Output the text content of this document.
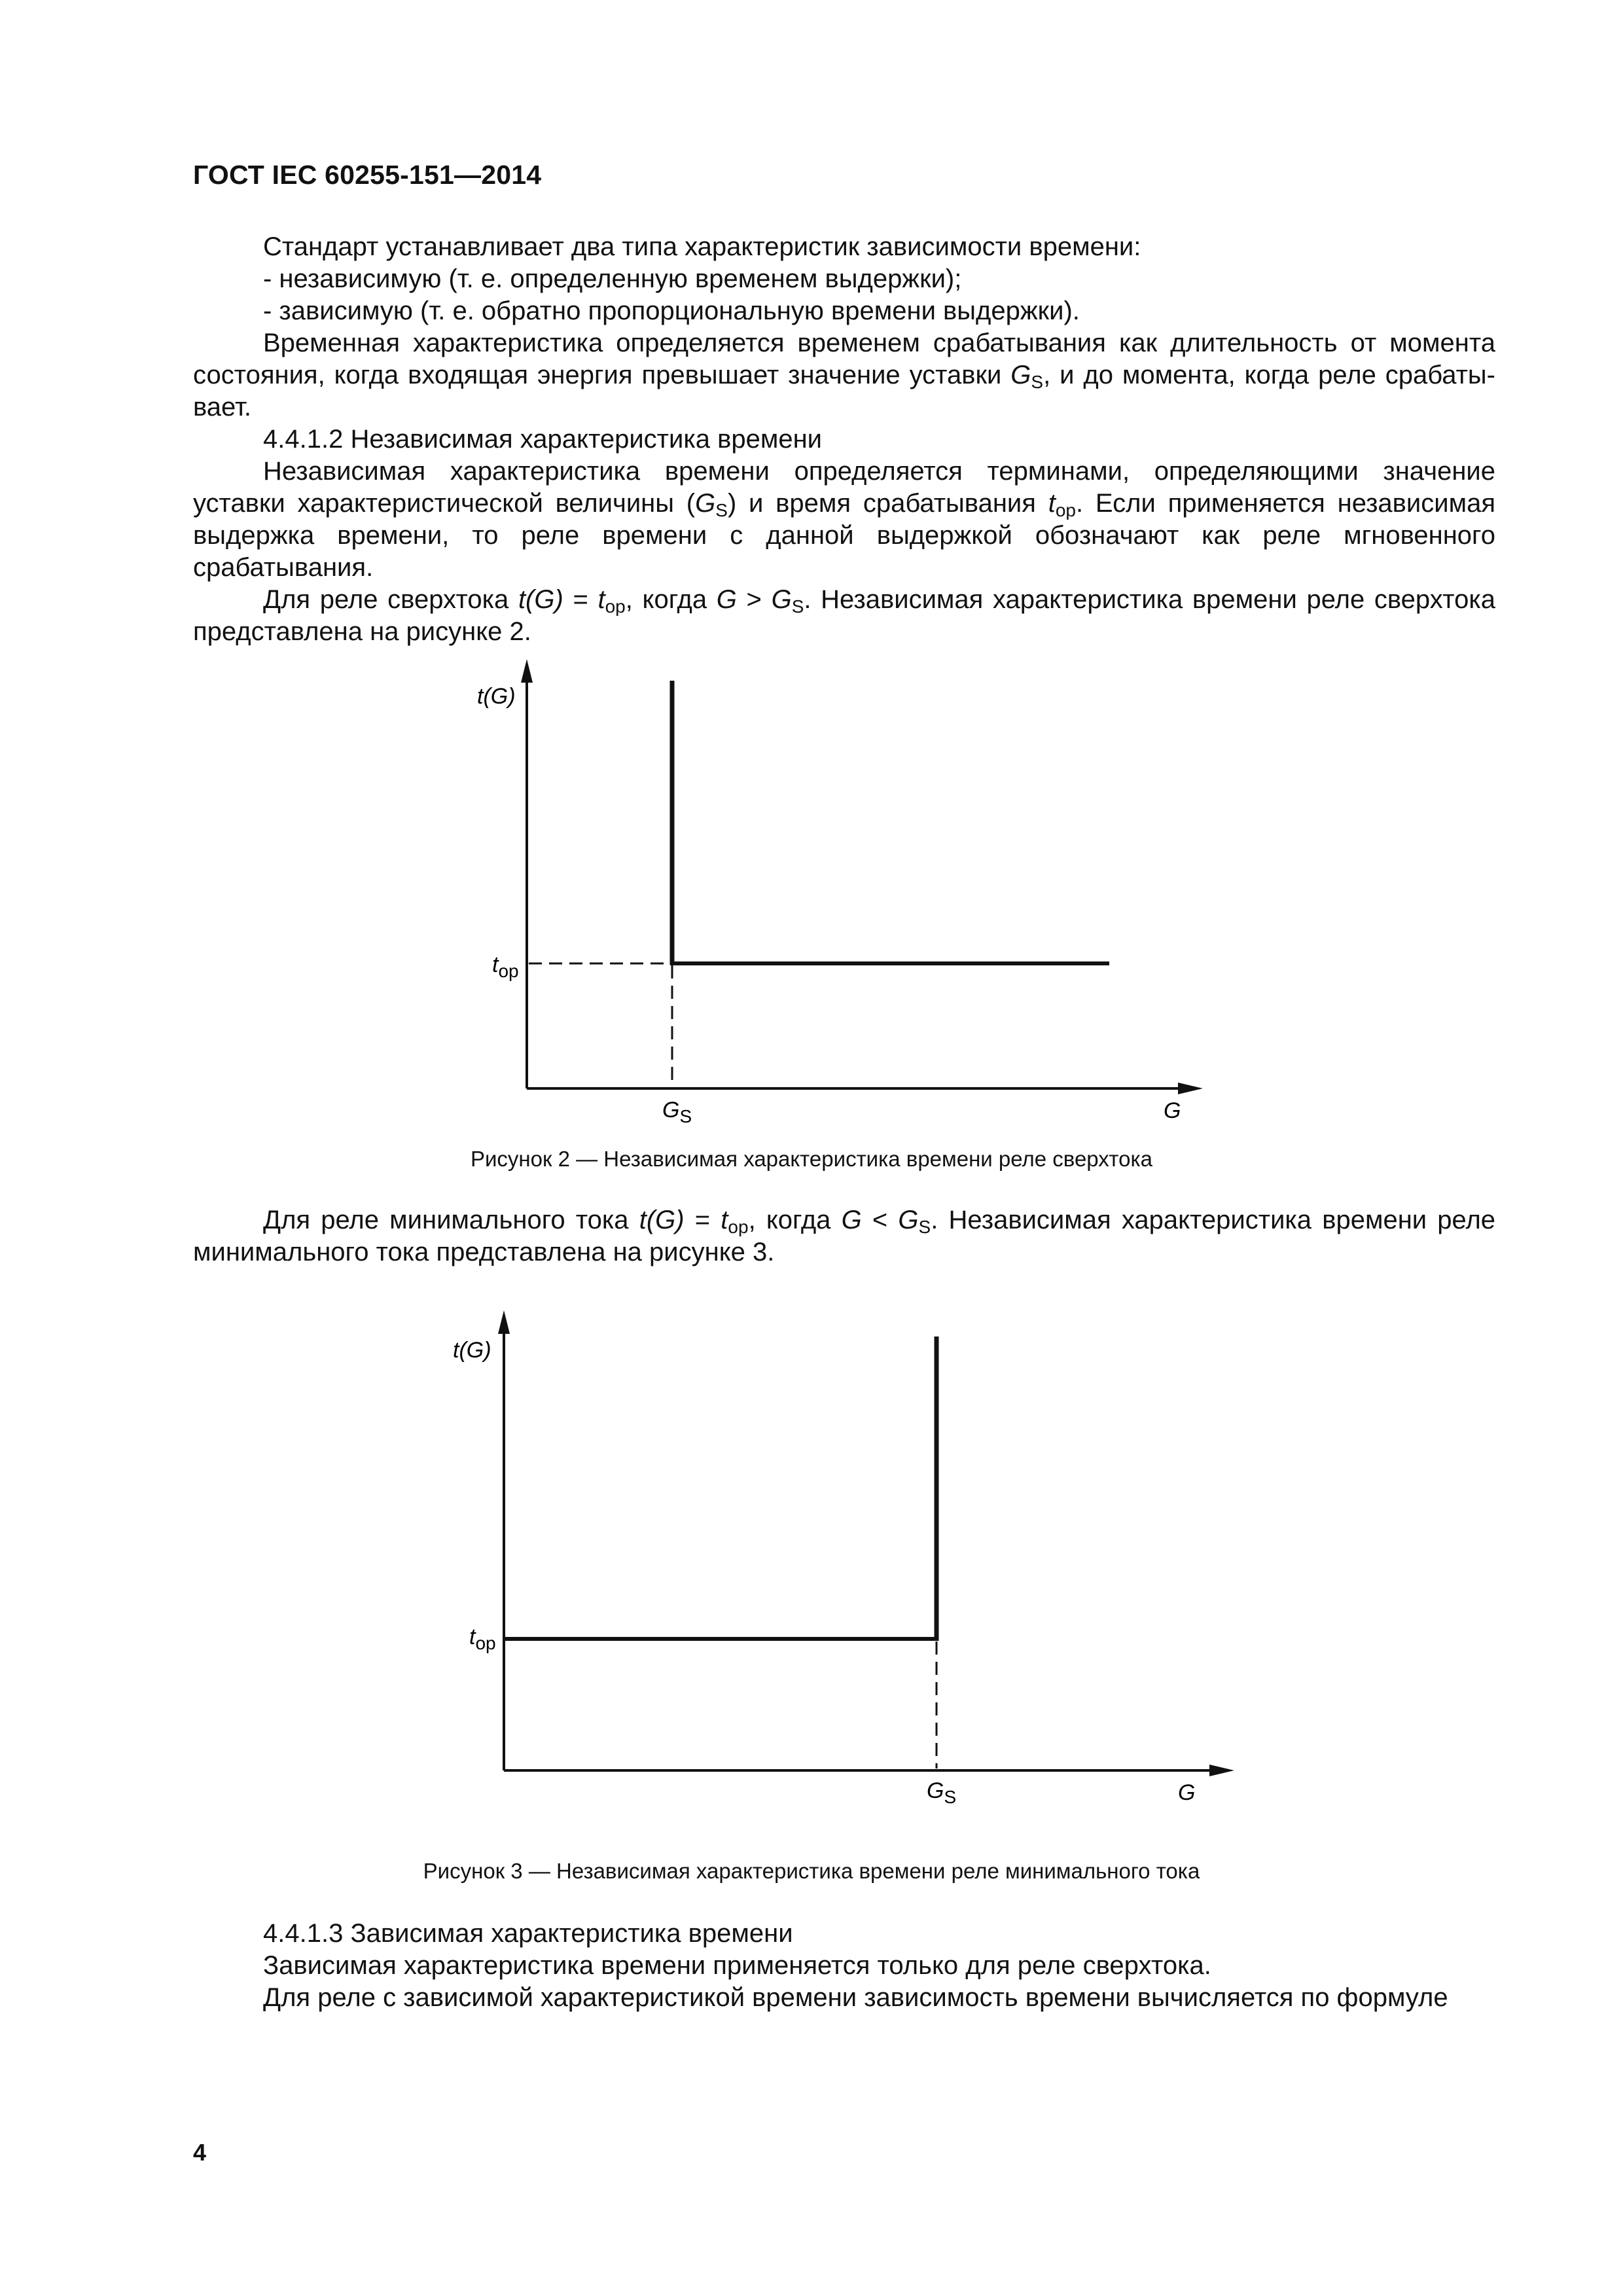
ГОСТ IEC 60255-151—2014

Стандарт устанавливает два типа характеристик зависимости времени:

- независимую (т. е. определенную временем выдержки);

- зависимую (т. е. обратно пропорциональную времени выдержки).

Временная характеристика определяется временем срабатывания как длительность от момента

состояния, когда входящая энергия превышает значение уставки $G_S$, и до момента, когда реле срабаты-

вает.

4.4.1.2 Независимая характеристика времени

Независимая характеристика времени определяется терминами, определяющими значение

уставки характеристической величины $(G_S)$ и время срабатывания $t_{op}$. Если применяется независимая

выдержка времени, то реле времени с данной выдержкой обозначают как реле мгновенного

срабатывания.

Для реле сверхтока $t(G) = t_{op}$, когда $G > G_S$. Независимая характеристика времени реле сверхтока

представлена на рисунке 2.

t(G)
$t_{op}$
$G_S$	G
Рисунок 2 — Независимая характеристика времени реле сверхтока

Для реле минимального тока $t(G) = t_{op}$, когда $G < G_S$. Независимая характеристика времени реле

минимального тока представлена на рисунке 3.

t(G)
$t_{op}$
$G_S$	G
Рисунок 3 — Независимая характеристика времени реле минимального тока

4.4.1.3 Зависимая характеристика времени

Зависимая характеристика времени применяется только для реле сверхтока.

Для реле с зависимой характеристикой времени зависимость времени вычисляется по формуле

4
